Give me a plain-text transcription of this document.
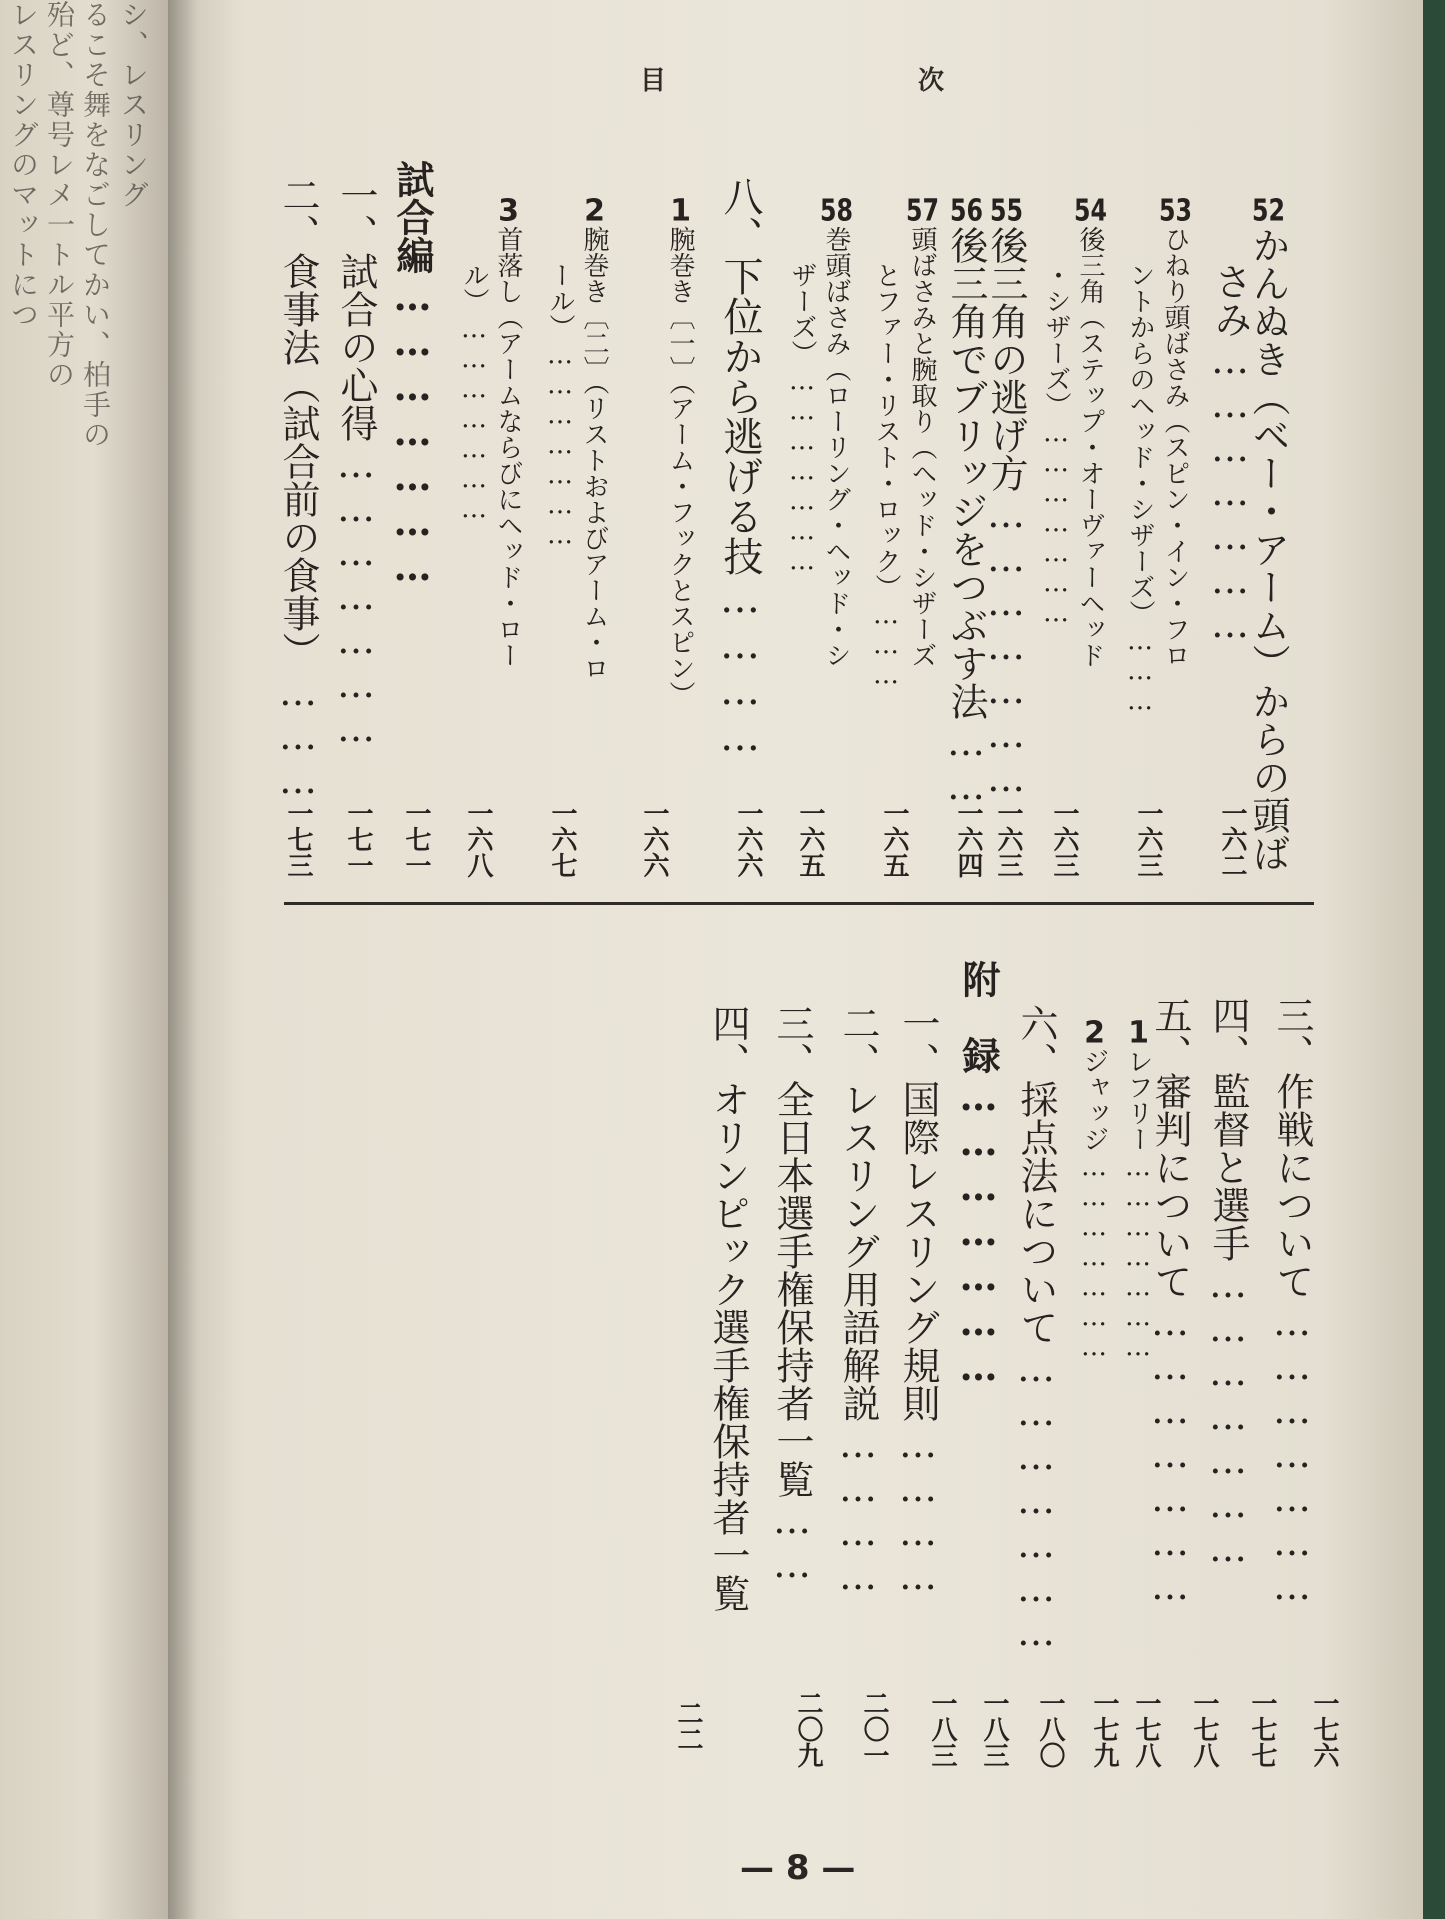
シ、レスリング
るこそ舞をなごしてかい、柏手の
殆ど、尊号レメ一トル平方の
レスリングのマットにつ	目	次
52かんぬき（ベー・アーム）からの頭ば
さみ…………………
一六二
53ひねり頭ばさみ（スピン・イン・フロ
ントからのヘッド・シザーズ）………
一六三
54後三角（ステップ・オーヴァーヘッド
・シザーズ）…………………
一六三
55後三角の逃げ方…………………
一六三
56後三角でブリッジをつぶす法……
一六四
57頭ばさみと腕取り（ヘッド・シザーズ
とファー・リスト・ロック）………
一六五
58巻頭ばさみ（ローリング・ヘッド・シ
ザーズ）…………………
一六五
八、下位から逃げる技…………
一六六
1腕巻き〔一〕（アーム・フックとスピン）
一六六
2腕巻き〔二〕（リストおよびアーム・ロ
ール）…………………
一六七
3首落し（アームならびにヘッド・ロー
ル）…………………
一六八
試合編…………………
一七一
一、試合の心得…………………
一七一
二、食事法（試合前の食事）………
一七三
三、作戦について…………………
一七六
四、監督と選手…………………
一七七
五、審判について…………………
一七八
1レフリー…………………
一七八
2ジャッジ…………………
一七九
六、採点法について…………………
一八〇
附　録…………………
一八三
一、国際レスリング規則…………
一八三
二、レスリング用語解説…………
二〇一
三、全日本選手権保持者一覧……
二〇九
四、オリンピック選手権保持者一覧
二二
— 8 —
